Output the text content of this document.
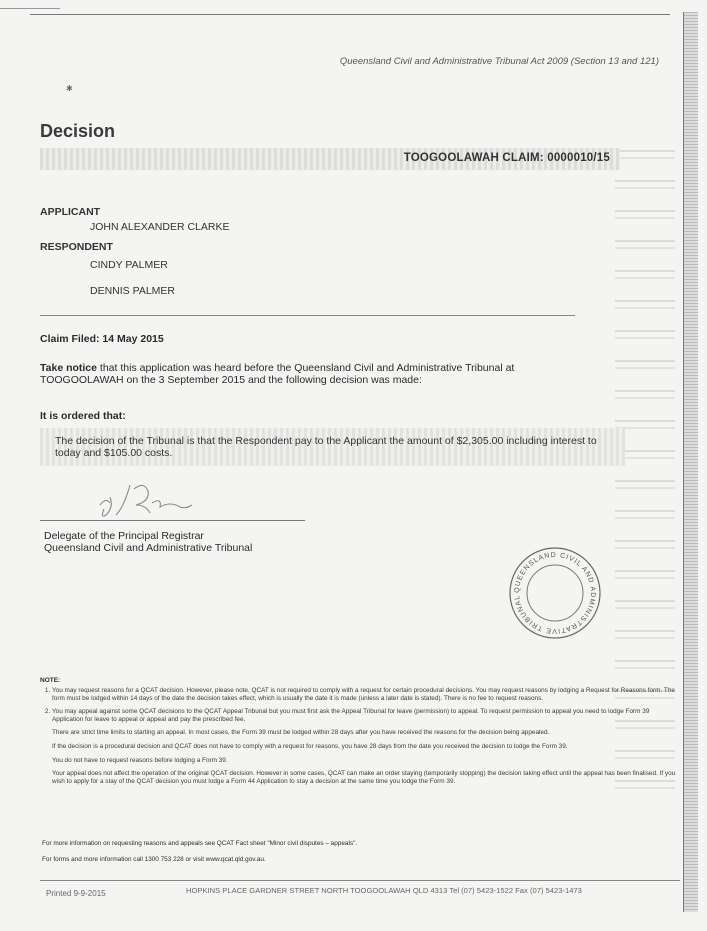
Queensland Civil and Administrative Tribunal Act 2009 (Section 13 and 121)
✱
Decision
TOOGOOLAWAH CLAIM: 0000010/15
APPLICANT
JOHN ALEXANDER CLARKE
RESPONDENT
CINDY PALMER
DENNIS PALMER
Claim Filed: 14 May 2015
Take notice that this application was heard before the Queensland Civil and Administrative Tribunal at TOOGOOLAWAH on the 3 September 2015 and the following decision was made:
It is ordered that:
The decision of the Tribunal is that the Respondent pay to the Applicant the amount of $2,305.00 including interest to today and $105.00 costs.
Delegate of the Principal Registrar
Queensland Civil and Administrative Tribunal
QUEENSLAND CIVIL AND ADMINISTRATIVE TRIBUNAL
NOTE:
1. You may request reasons for a QCAT decision. However, please note, QCAT is not required to comply with a request for certain procedural decisions. You may request reasons by lodging a Request for Reasons form. The form must be lodged within 14 days of the date the decision takes effect, which is usually the date it is made (unless a later date is stated). There is no fee to request reasons.
2. You may appeal against some QCAT decisions to the QCAT Appeal Tribunal but you must first ask the Appeal Tribunal for leave (permission) to appeal. To request permission to appeal you need to lodge Form 39 Application for leave to appeal or appeal and pay the prescribed fee.

There are strict time limits to starting an appeal. In most cases, the Form 39 must be lodged within 28 days after you have received the reasons for the decision being appealed.

If the decision is a procedural decision and QCAT does not have to comply with a request for reasons, you have 28 days from the date you received the decision to lodge the Form 39.

You do not have to request reasons before lodging a Form 39.

Your appeal does not affect the operation of the original QCAT decision. However in some cases, QCAT can make an order staying (temporarily stopping) the decision taking effect until the appeal has been finalised. If you wish to apply for a stay of the QCAT decision you must lodge a Form 44 Application to stay a decision at the same time you lodge the Form 39.

For more information on requesting reasons and appeals see QCAT Fact sheet "Minor civil disputes – appeals".
For forms and more information call 1300 753 228 or visit www.qcat.qld.gov.au.
Printed 9-9-2015	HOPKINS PLACE GARDNER STREET NORTH TOOGOOLAWAH QLD 4313 Tel (07) 5423-1522 Fax (07) 5423-1473
